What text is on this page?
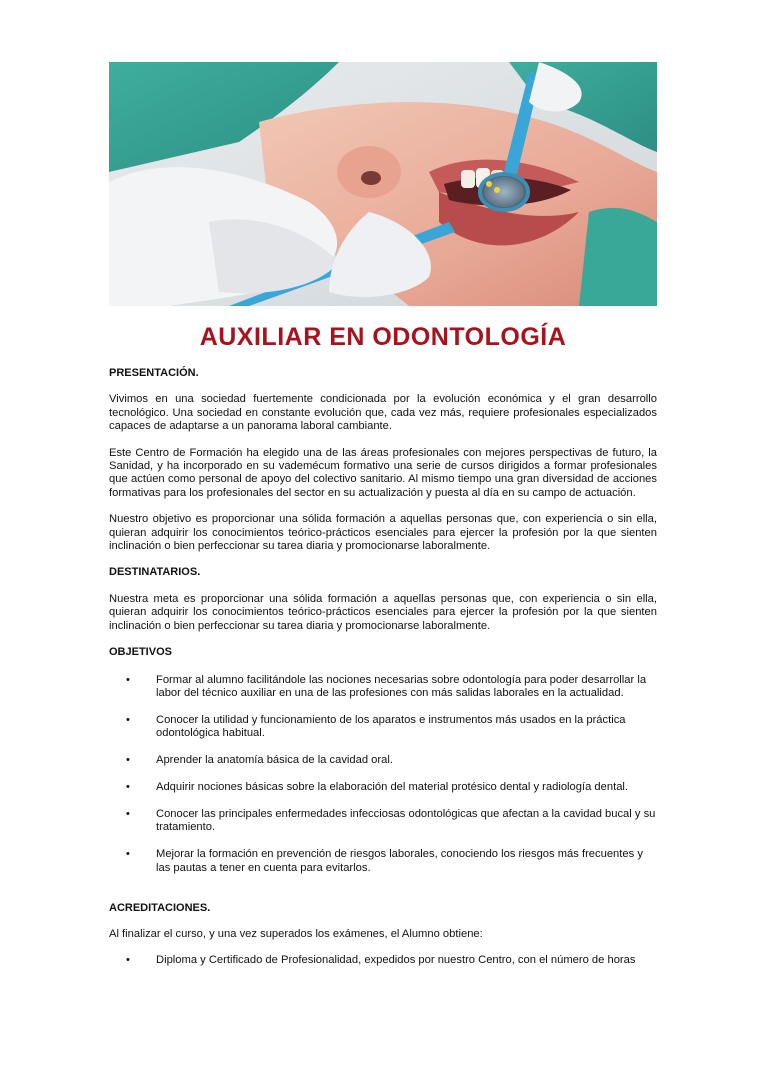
AUXILIAR EN ODONTOLOGÍA
PRESENTACIÓN.

Vivimos en una sociedad fuertemente condicionada por la evolución económica y el gran desarrollo tecnológico. Una sociedad en constante evolución que, cada vez más, requiere profesionales especializados capaces de adaptarse a un panorama laboral cambiante.

Este Centro de Formación ha elegido una de las áreas profesionales con mejores perspectivas de futuro, la Sanidad, y ha incorporado en su vademécum formativo una serie de cursos dirigidos a formar profesionales que actúen como personal de apoyo del colectivo sanitario. Al mismo tiempo una gran diversidad de acciones formativas para los profesionales del sector en su actualización y puesta al día en su campo de actuación.

Nuestro objetivo es proporcionar una sólida formación a aquellas personas que, con experiencia o sin ella, quieran adquirir los conocimientos teórico-prácticos esenciales para ejercer la profesión por la que sienten inclinación o bien perfeccionar su tarea diaria y promocionarse laboralmente.

DESTINATARIOS.

Nuestra meta es proporcionar una sólida formación a aquellas personas que, con experiencia o sin ella, quieran adquirir los conocimientos teórico-prácticos esenciales para ejercer la profesión por la que sienten inclinación o bien perfeccionar su tarea diaria y promocionarse laboralmente.

OBJETIVOS
• Formar al alumno facilitándole las nociones necesarias sobre odontología para poder desarrollar la labor del técnico auxiliar en una de las profesiones con más salidas laborales en la actualidad.
• Conocer la utilidad y funcionamiento de los aparatos e instrumentos más usados en la práctica odontológica habitual.
• Aprender la anatomía básica de la cavidad oral.
• Adquirir nociones básicas sobre la elaboración del material protésico dental y radiología dental.
• Conocer las principales enfermedades infecciosas odontológicas que afectan a la cavidad bucal y su tratamiento.
• Mejorar la formación en prevención de riesgos laborales, conociendo los riesgos más frecuentes y las pautas a tener en cuenta para evitarlos.
ACREDITACIONES.

Al finalizar el curso, y una vez superados los exámenes, el Alumno obtiene:

• Diploma y Certificado de Profesionalidad, expedidos por nuestro Centro, con el número de horas
